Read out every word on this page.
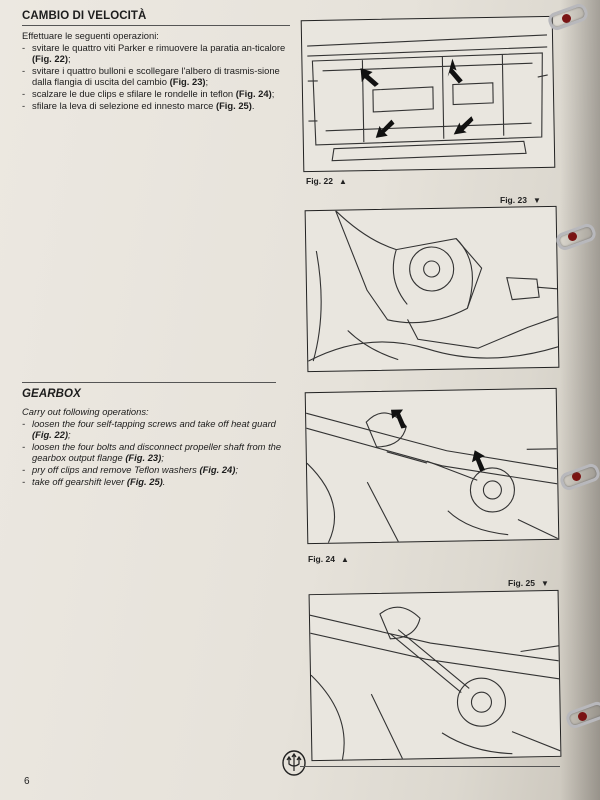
CAMBIO DI VELOCITÀ

Effettuare le seguenti operazioni:

- svitare le quattro viti Parker e rimuovere la paratia an-ticalore (Fig. 22);
- svitare i quattro bulloni e scollegare l'albero di trasmis-sione dalla flangia di uscita del cambio (Fig. 23);
- scalzare le due clips e sfilare le rondelle in teflon (Fig. 24);
- sfilare la leva di selezione ed innesto marce (Fig. 25).
GEARBOX

Carry out following operations:

- loosen the four self-tapping screws and take off heat guard (Fig. 22);
- loosen the four bolts and disconnect propeller shaft from the gearbox output flange (Fig. 23);
- pry off clips and remove Teflon washers (Fig. 24);
- take off gearshift lever (Fig. 25).
Fig. 22 ▲
Fig. 23 ▼
Fig. 24 ▲
Fig. 25 ▼
6
